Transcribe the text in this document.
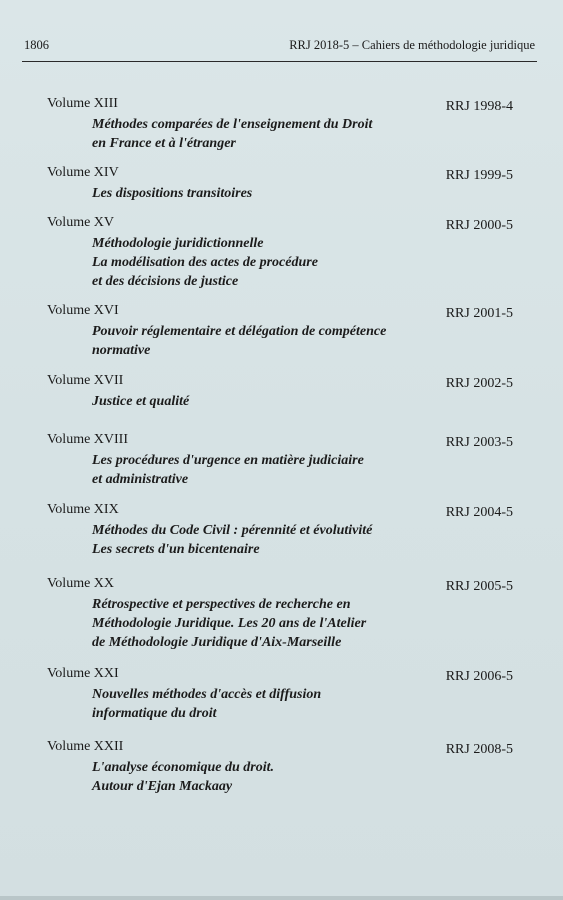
1806	RRJ 2018-5 – Cahiers de méthodologie juridique
Volume XIII	RRJ 1998-4
Méthodes comparées de l'enseignement du Droit
en France et à l'étranger
Volume XIV	RRJ 1999-5
Les dispositions transitoires
Volume XV	RRJ 2000-5
Méthodologie juridictionnelle
La modélisation des actes de procédure
et des décisions de justice
Volume XVI	RRJ 2001-5
Pouvoir réglementaire et délégation de compétence
normative
Volume XVII	RRJ 2002-5
Justice et qualité
Volume XVIII	RRJ 2003-5
Les procédures d'urgence en matière judiciaire
et administrative
Volume XIX	RRJ 2004-5
Méthodes du Code Civil : pérennité et évolutivité
Les secrets d'un bicentenaire
Volume XX	RRJ 2005-5
Rétrospective et perspectives de recherche en
Méthodologie Juridique. Les 20 ans de l'Atelier
de Méthodologie Juridique d'Aix-Marseille
Volume XXI	RRJ 2006-5
Nouvelles méthodes d'accès et diffusion
informatique du droit
Volume XXII	RRJ 2008-5
L'analyse économique du droit.
Autour d'Ejan Mackaay
